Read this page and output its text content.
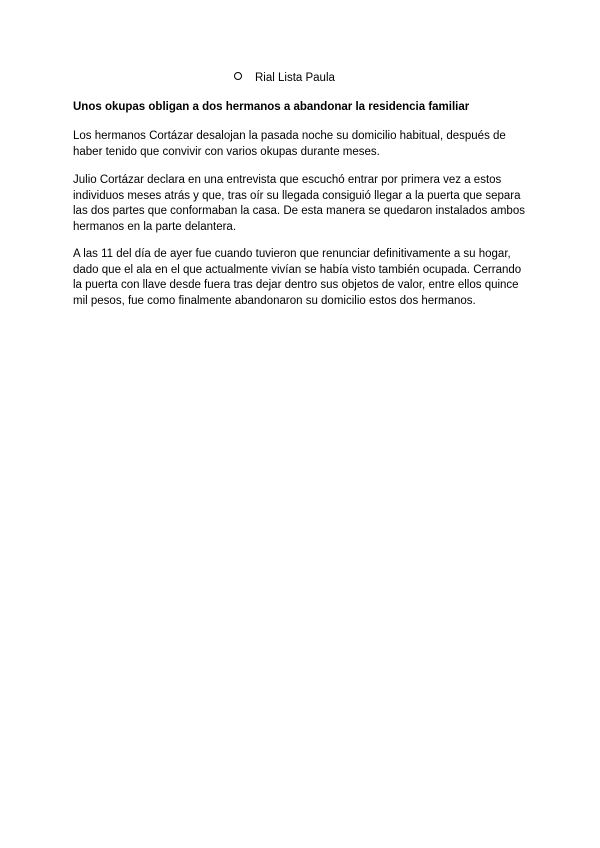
Rial Lista Paula
Unos okupas obligan a dos hermanos a abandonar la residencia familiar

Los hermanos Cortázar desalojan la pasada noche su domicilio habitual, después de haber tenido que convivir con varios okupas durante meses.

Julio Cortázar declara en una entrevista que escuchó entrar por primera vez a estos individuos meses atrás y que, tras oír su llegada consiguió llegar a la puerta que separa las dos partes que conformaban la casa. De esta manera se quedaron instalados ambos hermanos en la parte delantera.

A las 11 del día de ayer fue cuando tuvieron que renunciar definitivamente a su hogar, dado que el ala en el que actualmente vivían se había visto también ocupada. Cerrando la puerta con llave desde fuera tras dejar dentro sus objetos de valor, entre ellos quince mil pesos, fue como finalmente abandonaron su domicilio estos dos hermanos.
